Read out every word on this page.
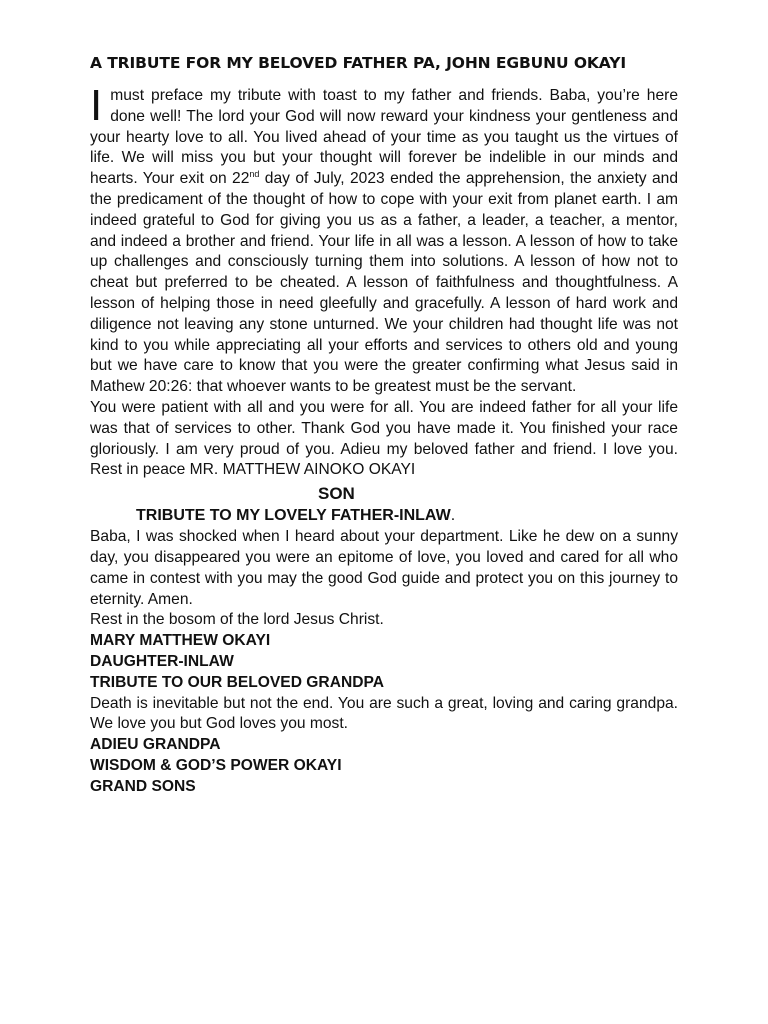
A TRIBUTE FOR MY BELOVED FATHER PA, JOHN EGBUNU OKAYI

I must preface my tribute with toast to my father and friends. Baba, you’re here done well! The lord your God will now reward your kindness your gentleness and your hearty love to all. You lived ahead of your time as you taught us the virtues of life. We will miss you but your thought will forever be indelible in our minds and hearts. Your exit on 22nd day of July, 2023 ended the apprehension, the anxiety and the predicament of the thought of how to cope with your exit from planet earth. I am indeed grateful to God for giving you us as a father, a leader, a teacher, a mentor, and indeed a brother and friend. Your life in all was a lesson. A lesson of how to take up challenges and consciously turning them into solutions. A lesson of how not to cheat but preferred to be cheated. A lesson of faithfulness and thoughtfulness. A lesson of helping those in need gleefully and gracefully. A lesson of hard work and diligence not leaving any stone unturned. We your children had thought life was not kind to you while appreciating all your efforts and services to others old and young but we have care to know that you were the greater confirming what Jesus said in Mathew 20:26: that whoever wants to be greatest must be the servant.

You were patient with all and you were for all. You are indeed father for all your life was that of services to other. Thank God you have made it. You finished your race gloriously. I am very proud of you. Adieu my beloved father and friend. I love you. Rest in peace MR. MATTHEW AINOKO OKAYI

SON

TRIBUTE TO MY LOVELY FATHER-INLAW.

Baba, I was shocked when I heard about your department. Like he dew on a sunny day, you disappeared you were an epitome of love, you loved and cared for all who came in contest with you may the good God guide and protect you on this journey to eternity. Amen.

Rest in the bosom of the lord Jesus Christ.

MARY MATTHEW OKAYI

DAUGHTER-INLAW

TRIBUTE TO OUR BELOVED GRANDPA

Death is inevitable but not the end. You are such a great, loving and caring grandpa. We love you but God loves you most.

ADIEU GRANDPA

WISDOM & GOD’S POWER OKAYI

GRAND SONS
